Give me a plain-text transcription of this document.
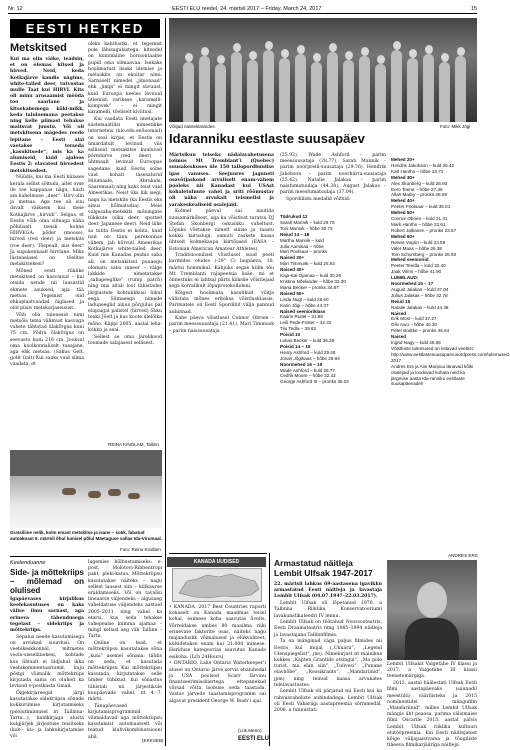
Nr. 12	EESTI ELU reedel, 24. märtsil 2017 – Friday, March 24, 2017	15
EESTI HETKED
Metskitsed

Kui ma olin väike, teadsin, et on olemas kitsed ja hirved. Neid, keda Kotkajärve kandis nägime, white-tailed deer, tutvustas mulle Taat kui HIRVI. Kits oli minu arusaamist mööda too saarlane ja kitsekabemega kõki-mikk, keda taluloomana peetakse ning kelle piimast tehakse maitsvat juustu. Või oli metskitsena mägedes reede lepitane – Eesti alal vaetakse terseda „kasukitsede“, mis ka ka alumiseid, kuid ajaloos Eestis 2: elavatest hirvedest metskitsedest.

Nüüdis, kui ma Eesti külases kerala sellist sõltuda, aitet ovse ile tee kappanas nägu, hästi ain kahelmuse „deer“. Hirv olin ja metsas. Aga tee oli suu dsvalt väiksem kui meie Kotkajärve „hirvidi“. Selgus, et Eestis võib oma silmaga näha põhiliselt tseisk kolme HIRVEGA: põder (moose), hirved (red deer) ja metskits (roe deer). Tõepealt, mis deer! Ja sugukonnaalt hirvlane. Miks lüsteaelasel on tõelitse metskitsekesi?

Mõned eesti riiklike metskitsed on kasvanud – kui otsida nende nii lausastid ekmete sauksed, aga tää metsas. Tegemist olid ehkaplaatvaadad õiglased ja olid püsiv metskarjaseisust.

Võib olla tulenesid nimi metsõis tema välimust kasvuga vahete tähtstad ülakõrgus kuni 75 cm. Põdra õlakõrgus on seevastu kuni 216 cm. Jooksul oma koolkonnaliselt tusajane, aga ehk metsas. (Sakus Gelt, gotit Galt) Kui saaks vaid silma vaadata, et

oleks kahtlustki, et tegemist pole lähisugulastega: kitsedel on kummaline horisontaalne pupill oma silmaavaa. Isekaks hoolimatust lisaks ülemise ja metsakits on ekoitar nimi. Sarnaselt nimedel „jimonaad“ ehk „jimpi“ ei mingit süvuust, kuid Euroopa keeles levinud ütlemist: varikese „karamelli-kompvek“ – ei mingit karamelli, tõeliselt kiviitusi.

Kui vaadata Eesti imetajate süstemaatilisi nimestikke interneteis (bio.edu.ee/loomad) on seal kirjas, et Eestis on ümardatult levinud viis selliseid metsakitse kuuluvad põrmhirve (red deer) – ühtmaalt levinud Euroopas sagedane, kuid Eestis soine vaid kohati tasesaturid Hiiumaale, Abrukale, Saaremaal) ning kaks teist vaid Ameerikas. Neist üks liik isegi, nagu ka metskits (ka Eestis eks ainus hõlmatudia). Meie valgesaba-metskits mõningate tükikute (sika deer, spotted deer, Japanese deer). Neid liike sa tulita Eestis ei kohta, kuid nad on tänu perekonnas vähem, jah kõrvuti Ameerikas Kotkajärve white-tailed deer. Kuid mis Kanadas peidus saba all, on metsakitsel puuaegu olematu saba inneer – välge lakkide nimetatakse „sabapeeglike“ (rump patch) ning mis aitab loot tähistades järglastele kohtulikkusi liikui eega. Silmaeega nimede ladupeeglid ainus põrgulus pal elupaigal palistel (hirved) õhku teaks Jõelt ja kus koote ülelõika mõne. Käppi 2005. aastal leha-kokku ja seal.

Sellest se oma järelikood toomade salajasest sellisest.

REINA KINDLAM, Tallinn
Gratsiliine nelik, kolm emast metskitse ja isane – sokk, fabatud autoaknast 6. märtsil õhul lumisel põlul Mäetaguse vallas Ida-Virumaal.
Foto: Reina Kindlam
Keelenduanne
Side- ja mõttekriips – mõlemad on olulised

Igapäevases kirjalikus keelekasutuses on kaks välise ilmu sarnast, aga erineva tähendusega tegelast – sidekriips ja mõttekriips.

Sepalus neede kasutamisega on arvukad suurdusi. On veebikeskkonnäl, mitmetes voolu-sisseliinekesi, kohtade kus lihtsalt ei üldjuhul ikka veebikommentaariumit, kuju põstgi võimalik mõttekriips kirjutada sama on oluhed ka levinud e-postkasta Gmail.

Õigekirjareegid järgi kasutatakse sidekriipsu sõnade kokkuriimise kirjutamiseks (poolutimimusel nt Tallinna-Tartu...), kaldkirjaga alusta kulgjärjek järjestuse teisitseks (kok-– ku- ja lahkukirjutamise vöi

lugemise hõlbustamiseks: e-post, Molotovi-Ribbentropi pakt, pleki-katus. Mõttekriipsu kasutatakse näiteks – nagu sellest lausest siin – kiilkaurse eraldamiseks. Või on tavalisi lineaarse väljendeks – algusaeg vaheldatuse väljendeks aastaid 2005–2011 ning vahel ka etarsi, kus seda tehakse vahepealse kumma ajamaa – mingi kellasl aeg väh Tallinn – Tartu.

Online on tead, et mõttekriipsu kasutatakse sõna „kuni“ asemel sõnana: tähtis on seda, et kasutada mõttekriipsu Kui mõttekriipsu kasutada, kirjutatakse selle ümber tühikud, kui sõnastus tähistab nii järjestikule kuupäevade vahel, nt 4.–7. märts.

Tänapäevased kirjutamisprogrammid võimaldavad aga mõttekriipsu kasutamist automaatselt või teatud klahvikombinatsiooni abil.

(EKKSEB)
Võitjad naisteklassides.	Foto: Mikk Jõgi
Idaranniku eestlaste suusapäev

Märtsikuu teiseks nädalavahetusena toimus Mt Tremblant’i (Quebec) suusakeskuses üle 150 tallopordbuulise igas vanuses. Seejuures jaguneti osavõtjaskond arvuliselt enam-vähem pooleks nii Kanadast kui USAst kohaletulnute vahel ja sriti rõõmustav oli näha arvukalt teismelisi ja varakeskealiseid osalejaid.

Kolmel päeval sai nautida suusamärkõbest, aga ka võistlust taratsu DJ Stefan Skonbergi oskusliku vaheltust. Lõpuks võetakse nimelt siinse ja taastu kokku kiiruslugi, samuti raskete kaasa ühtselt kolmekaupa kiirtõused (EASA – Estonian American Amateur Athletes).

Traditsioonilisel võistlusel suud peeti karmides oludes (-29° C) laupäeva, 10. märtsi hommikul. Kahjuks segas kiilm tõu Mt Tremblanti rajapeetsia lisäe, mi et õnnestuks ei lahtsal pärts kiiksile võistlejaid sega korralikult lõpuprotokollideni.

Kõigest hoolimata kasulikult võitja välistata mõnes eriteksa võistlusklassis. Parimatele oli Eesti Spordiliit välja pannud auhinnad.

Kahe päeva võistlusel Connor Obrien – parim meessuusataja (21.41), Mari Timmusk – parim naissuusataja

(25.93), Wade Ashford – parim meessuusataja (28.77), Sarah Mannik – parim noorpreili-suusataja (29.76). Hendrik Jakobson – parim noorhärra-suusataja (25.42), Natalie Jalakas – parim naisfumatuulaja (44.38), August Jalakas – parim meesfumatuulaja (37.04).

Spordiliidu medalid võitsid:

Tüdrukud 12
Sarah Mannik – kuld 29.76
Toni Mannik – hõbe 30.73
Neiud 14 – 18
Martha Mannik – kuld
Julia Aamisaa – hõbe
Meri Poolsaar – pronks
Naised 20+
Mari Timmusk – kuld 25.92
Naised 30+
Kaja-Kai Ojamaa – kuld 30.26
Kristina Nõelander – hõbe 32.30
Maria Becker – pronks 34.87
Naised 50+
Linda Nugt – kuld 28.60
Karin Jõgi – hõbe 44.37
Naised seenioriklass
Kaarin Ruitel – 31.98
Leili Pede-Foster – 32.31
Tiiu Tedla – 39.62
Poisid 10
Lukas Becker – kuld 36.28
Poisid 14 – 15
Henry Ashford – kuld 29.48
Jonas Jõgikaas – hõbe 29.94
Noormehed 15 – 19
Wade Ashford – kuld 28.77
Cedrik Moore – hõbe 32.42
George Ashford III – pronks 35.02
Mehed 20+
Hendrik Jakobson – kuld 25.42
Karl Hantho – hõbe 33.71
Mehed 30+
Alex Skonberg – kuld 26.93
Eero Teene – hõbe 27.36
Allan Marby – pronks 28.09
Mehed 40+
Peeter Poolsaar – kuld 35.01
Mehed 50+
Connor Obrien – kuld 21.41
Mark Hantho – hõbe 23.61
Robert Jalkanen – pronks 23.67
Mehed 60+
Renee Vogrin – kuld 23.58
Valer Maas – hõbe 26.38
Tom Schomberg – pronks 26.93
Mehed seenioriid
Peeter Teedla – kuld 32.40
Jaak Vilms – hõbe 41.90
LUMELAUD:
Noormehed 15 – 17
August Jalakas – kuld 37.04
Julius Jalakas – hõbe 42.78
Neiud 15
Natalie Jalakas – kuld 44.38
Naised
Erik Most – kuld 37.27
Oliv Aivo – hõbe 40.30
Peter Bodtke – pronks 45.64
Naised
Ingrid Nagy – kuld 49.66
Võistluste tulemused on leitavad veebist: http://www.eestlastesuusapaev.wordpress.com/tulemused-2017
Andres Ers ja Aini Maripuu tänavad kõiki osalejaid ja loodavad kohata neid ka järgmise aasta Ida-ranniku eestlaste suusapäevadel!
ANDRES ERS
KANADA UUDISED

• KANADA. 2017 Best Countries raporti kohaselt on Kanada maailmas teisel kohal, esimese koha saavutas Šveits. Võrreldakse umbes 80 maailma riiki erinevate faktorite osas, näiteks nagu majanduslik võimalused ja elukvaliteet; kültidetakse enam kui 21.000 inimese. Hariduse kategoorias saavutas Kanada esikoha. (Lch 24Hours)

• ONTARIO. Lake Ontario Waterkeeper’i alusel on Ontario järve servis ebaluhedal ja USA poolsed Scarr Iärvinu finantseerimisskiertega ettepanekud võrsad võtta loobuse seda taastada. Vastav järvede taastamisprogramm sai algavat president George W. Bush’i ajal.

(Lük.Metro)
EESTI ELU
Armastatud näitleja Lembit Ulfsak 1947-2017

22. märtsil lahkus 69-aastasena igavikku armastatud Eesti näitleja ja lavastaja Lembit Ulfsak (04.07.1947–22.03.2017).

Lembit Ulfsak oli lõpetanud 1970. a Tallinna Riikliku Konservatooriumi lavakunstikateedri IV lennu.

Lembit Ulfsak on töötanud Noorsooteatris, Eesti Draamateatris ning 1985–1994 näitleja ja lavastajana Tallinnfilmis.

Ta on mänginud väga paljus filmides nii Eestis kui mujal („Ukuaru“, „Legend Ulenspiegelist“, jne). Nimekirjast nt mainikus kukkes „Kapten Grantide otsingul“, „Ma pole turist, ma elan siin“, „Tulivesi“, „Punane elavhõbe“, „Roosikrants“, „Mandariinid“, jpm) ning teinud kaasa arvukates telelavastustes.

Lembit Ulfsak oli pärjatud nii Eesti kui ka rahvusvaheliste auhindadega. Lembit Ulfsak oli Eesti Vabariigi aastapreemia sõrmmedal, 2006. a tunnustati

Lembit Ulfsakit Valgetähe IV klassi ja 2017. a Valgetähe III klassi teenetemärgiga.

2012. aastal häälestati Ulfsak Eesti filmi aastapäevaks (saunadil meestülti) väärilisteks ja 2015 nominentidel mängufilm „Mandariinid“, milles Lembit Ulfsak mängis üht peaosa, parima välismaise filmi Oscarile 2015, aastal pälvis Lembit Ulfsak riikliku kultuuri elutööpreemia. Kui Eesti näitlejatest kõige väljapaistvama ja tõugiliste tiheeva filmikarjääriga näitleja.
